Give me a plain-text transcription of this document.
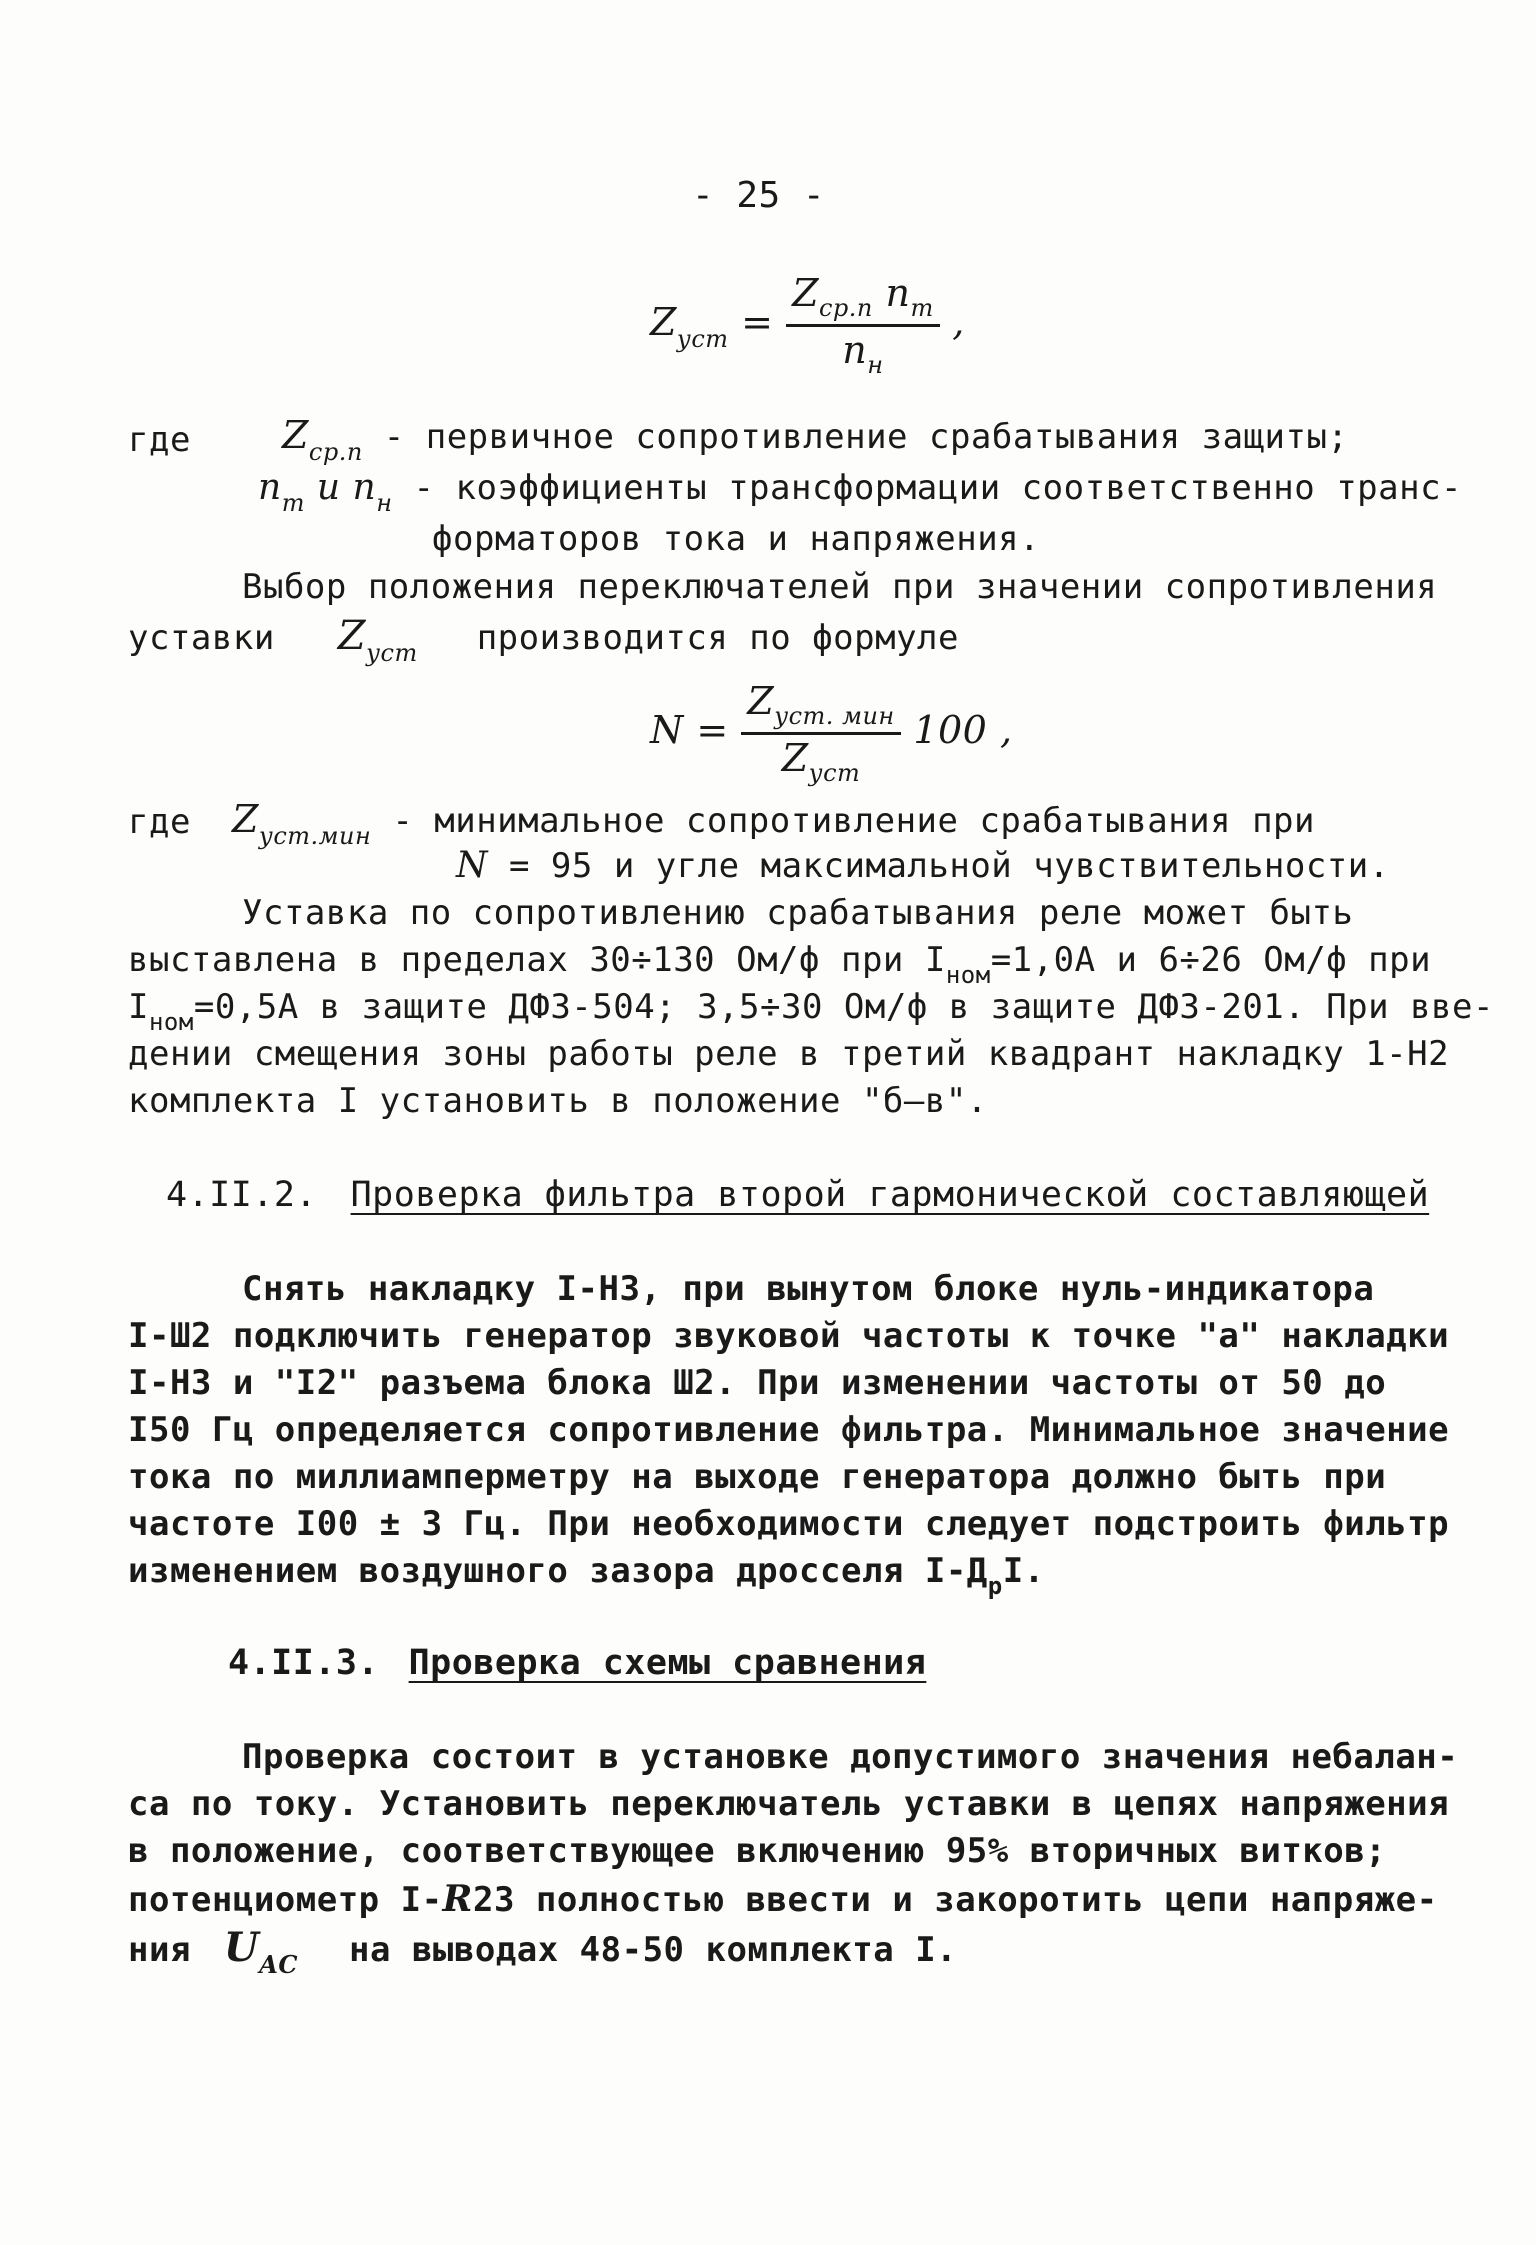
- 25 -
$Z_{уст} = \frac{Z_{ср.п} n_т}{n_н}$ ,
где $Z_{ср.п}$ - первичное сопротивление срабатывания защиты;
$n_т$ и $n_н$ - коэффициенты трансформации соответственно транс-
форматоров тока и напряжения.
Выбор положения переключателей при значении сопротивления
уставки $Z_{уст}$ производится по формуле
$N = \frac{Z_{уст. мин}}{Z_{уст}} 100$ ,
где $Z_{уст.мин}$ - минимальное сопротивление срабатывания при
N = 95 и угле максимальной чувствительности.
Уставка по сопротивлению срабатывания реле может быть
выставлена в пределах 30÷130 Ом/ф при $I_{ном}=1,0А$ и 6÷26 Ом/ф при
$I_{ном}=0,5А$ в защите ДФЗ-504; 3,5÷30 Ом/ф в защите ДФЗ-201. При вве-
дении смещения зоны работы реле в третий квадрант накладку 1-Н2
комплекта I установить в положение "б–в".
4.II.2. Проверка фильтра второй гармонической составляющей
Снять накладку I-Н3, при вынутом блоке нуль-индикатора
I-Ш2 подключить генератор звуковой частоты к точке "а" накладки
I-Н3 и "I2" разъема блока Ш2. При изменении частоты от 50 до
I50 Гц определяется сопротивление фильтра. Минимальное значение
тока по миллиамперметру на выходе генератора должно быть при
частоте I00 ± 3 Гц. При необходимости следует подстроить фильтр
изменением воздушного зазора дросселя $I-Д_рI$.
4.II.3. Проверка схемы сравнения
Проверка состоит в установке допустимого значения небалан-
са по току. Установить переключатель уставки в цепях напряжения
в положение, соответствующее включению 95% вторичных витков;
потенциометр I-R23 полностью ввести и закоротить цепи напряже-
ния $U_{AC}$ на выводах 48-50 комплекта I.
